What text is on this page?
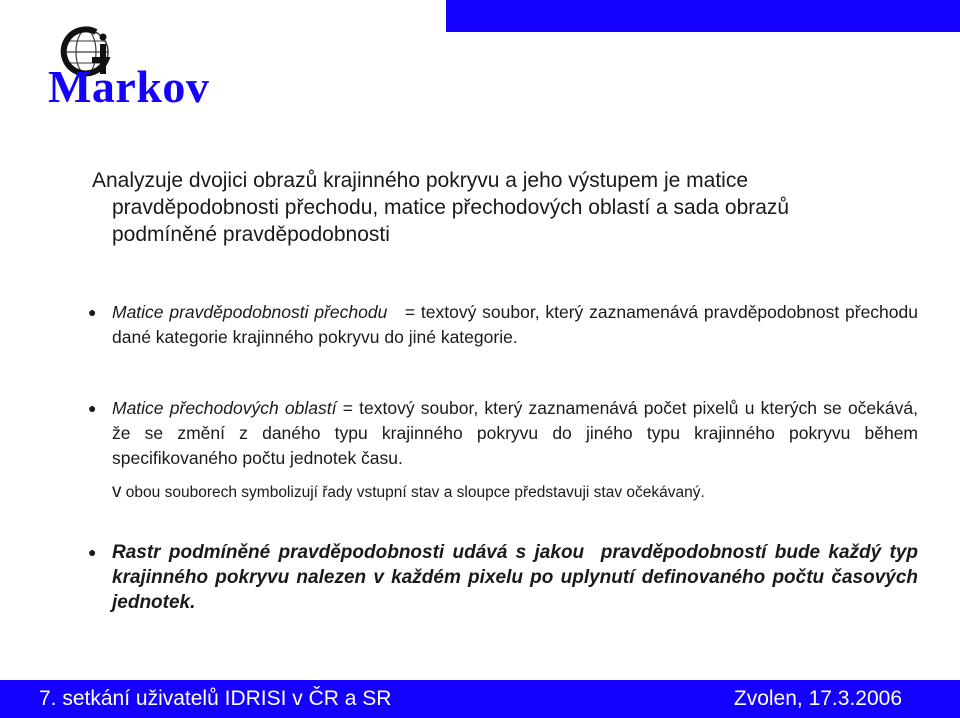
Markov
Analyzuje dvojici obrazů krajinného pokryvu a jeho výstupem je matice
pravděpodobnosti přechodu, matice přechodových oblastí a sada obrazů
podmíněné pravděpodobnosti
● Matice pravděpodobnosti přechodu   = textový soubor, který zaznamenává pravděpodobnost přechodu dané kategorie krajinného pokryvu do jiné kategorie.
● Matice přechodových oblastí = textový soubor, který zaznamenává počet pixelů u kterých se očekává, že se změní z daného typu krajinného pokryvu do jiného typu krajinného pokryvu během specifikovaného počtu jednotek času.
v obou souborech symbolizují řady vstupní stav a sloupce představuji stav očekávaný.
● Rastr podmíněné pravděpodobnosti udává s jakou  pravděpodobností bude každý typ krajinného pokryvu nalezen v každém pixelu po uplynutí definovaného počtu časových jednotek.
7. setkání uživatelů IDRISI v ČR a SR	Zvolen, 17.3.2006
